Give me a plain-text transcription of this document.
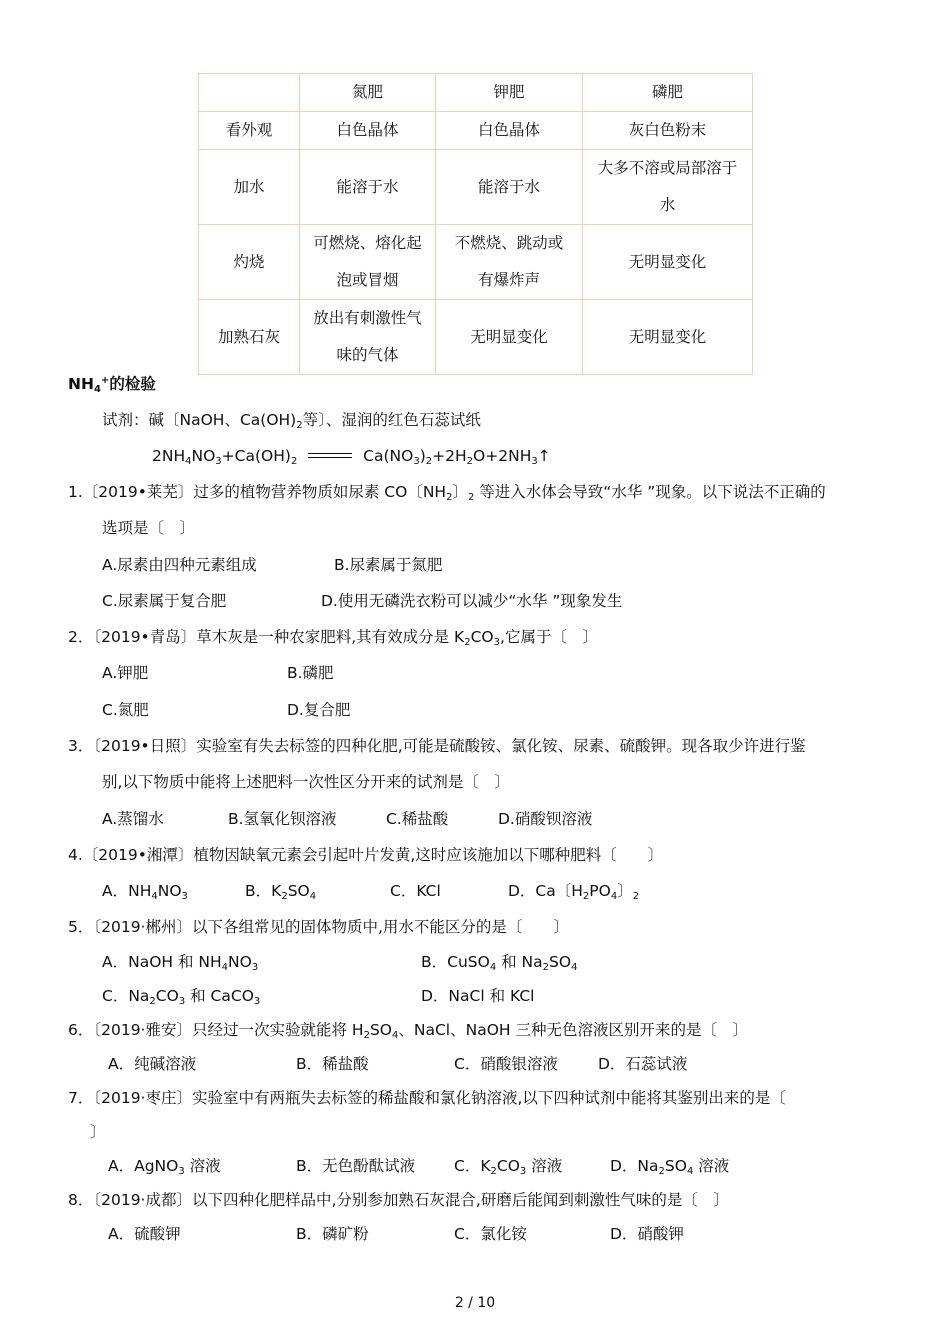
	氮肥	钾肥	磷肥
看外观	白色晶体	白色晶体	灰白色粉末
加水	能溶于水	能溶于水	大多不溶或局部溶于水
灼烧	可燃烧、熔化起泡或冒烟	不燃烧、跳动或有爆炸声	无明显变化
加熟石灰	放出有刺激性气味的气体	无明显变化	无明显变化
$NH_4^+$的检验
试剂：碱〔NaOH、$Ca(OH)_2$等〕、湿润的红色石蕊试纸
$2NH_4NO_3+Ca(OH)_2$	$Ca(NO_3)_2+2H_2O+2NH_3↑$
1.〔2019•莱芜〕过多的植物营养物质如尿素 CO〔$NH_2$〕$_2$ 等进入水体会导致“水华 ”现象。以下说法不正确的
选项是〔　〕
A.尿素由四种元素组成	B.尿素属于氮肥
C.尿素属于复合肥	D.使用无磷洗衣粉可以减少“水华 ”现象发生
2．〔2019•青岛〕草木灰是一种农家肥料,其有效成分是 $K_2CO_3$,它属于〔　〕
A.钾肥	B.磷肥
C.氮肥	D.复合肥
3．〔2019•日照〕实验室有失去标签的四种化肥,可能是硫酸铵、氯化铵、尿素、硫酸钾。现各取少许进行鉴
别,以下物质中能将上述肥料一次性区分开来的试剂是〔　〕
A.蒸馏水	B.氢氧化钡溶液	C.稀盐酸	D.硝酸钡溶液
4.〔2019•湘潭〕植物因缺氧元素会引起叶片发黄,这时应该施加以下哪种肥料〔　　〕
A．$NH_4NO_3$	B．$K_2SO_4$	C．KCl	D．Ca〔$H_2PO_4$〕$_2$
5．〔2019·郴州〕以下各组常见的固体物质中,用水不能区分的是〔　　〕
A．NaOH 和 $NH_4NO_3$	B．CuSO$_4$ 和 $Na_2SO_4$
C．$Na_2CO_3$ 和 CaCO$_3$	D．NaCl 和 KCl
6．〔2019·雅安〕只经过一次实验就能将 $H_2SO_4$、NaCl、NaOH 三种无色溶液区别开来的是〔　〕
A．纯碱溶液	B．稀盐酸	C．硝酸银溶液	D．石蕊试液
7．〔2019·枣庄〕实验室中有两瓶失去标签的稀盐酸和氯化钠溶液,以下四种试剂中能将其鉴别出来的是〔
〕
A．AgNO$_3$ 溶液	B．无色酚酞试液	C．$K_2CO_3$ 溶液	D．$Na_2SO_4$ 溶液
8．〔2019·成都〕以下四种化肥样品中,分别参加熟石灰混合,研磨后能闻到刺激性气味的是〔　〕
A．硫酸钾	B．磷矿粉	C．氯化铵	D．硝酸钾
2 / 10
